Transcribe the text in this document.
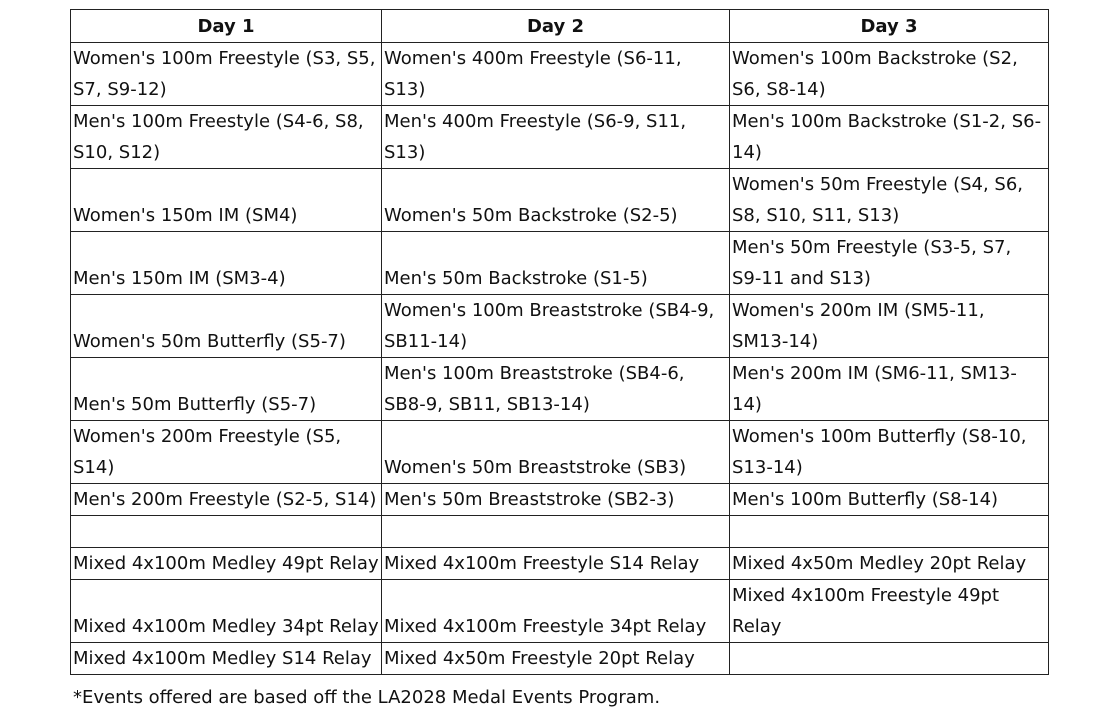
Day 1	Day 2	Day 3
Women's 100m Freestyle (S3, S5, S7, S9-12)	Women's 400m Freestyle (S6-11, S13)	Women's 100m Backstroke (S2, S6, S8-14)
Men's 100m Freestyle (S4-6, S8, S10, S12)	Men's 400m Freestyle (S6-9, S11, S13)	Men's 100m Backstroke (S1-2, S6-14)
Women's 150m IM (SM4)	Women's 50m Backstroke (S2-5)	Women's 50m Freestyle (S4, S6, S8, S10, S11, S13)
Men's 150m IM (SM3-4)	Men's 50m Backstroke (S1-5)	Men's 50m Freestyle (S3-5, S7, S9-11 and S13)
Women's 50m Butterfly (S5-7)	Women's 100m Breaststroke (SB4-9, SB11-14)	Women's 200m IM (SM5-11, SM13-14)
Men's 50m Butterfly (S5-7)	Men's 100m Breaststroke (SB4-6, SB8-9, SB11, SB13-14)	Men's 200m IM (SM6-11, SM13-14)
Women's 200m Freestyle (S5, S14)	Women's 50m Breaststroke (SB3)	Women's 100m Butterfly (S8-10, S13-14)
Men's 200m Freestyle (S2-5, S14)	Men's 50m Breaststroke (SB2-3)	Men's 100m Butterfly (S8-14)

Mixed 4x100m Medley 49pt Relay	Mixed 4x100m Freestyle S14 Relay	Mixed 4x50m Medley 20pt Relay
Mixed 4x100m Medley 34pt Relay	Mixed 4x100m Freestyle 34pt Relay	Mixed 4x100m Freestyle 49pt Relay
Mixed 4x100m Medley S14 Relay	Mixed 4x50m Freestyle 20pt Relay	
*Events offered are based off the LA2028 Medal Events Program.
